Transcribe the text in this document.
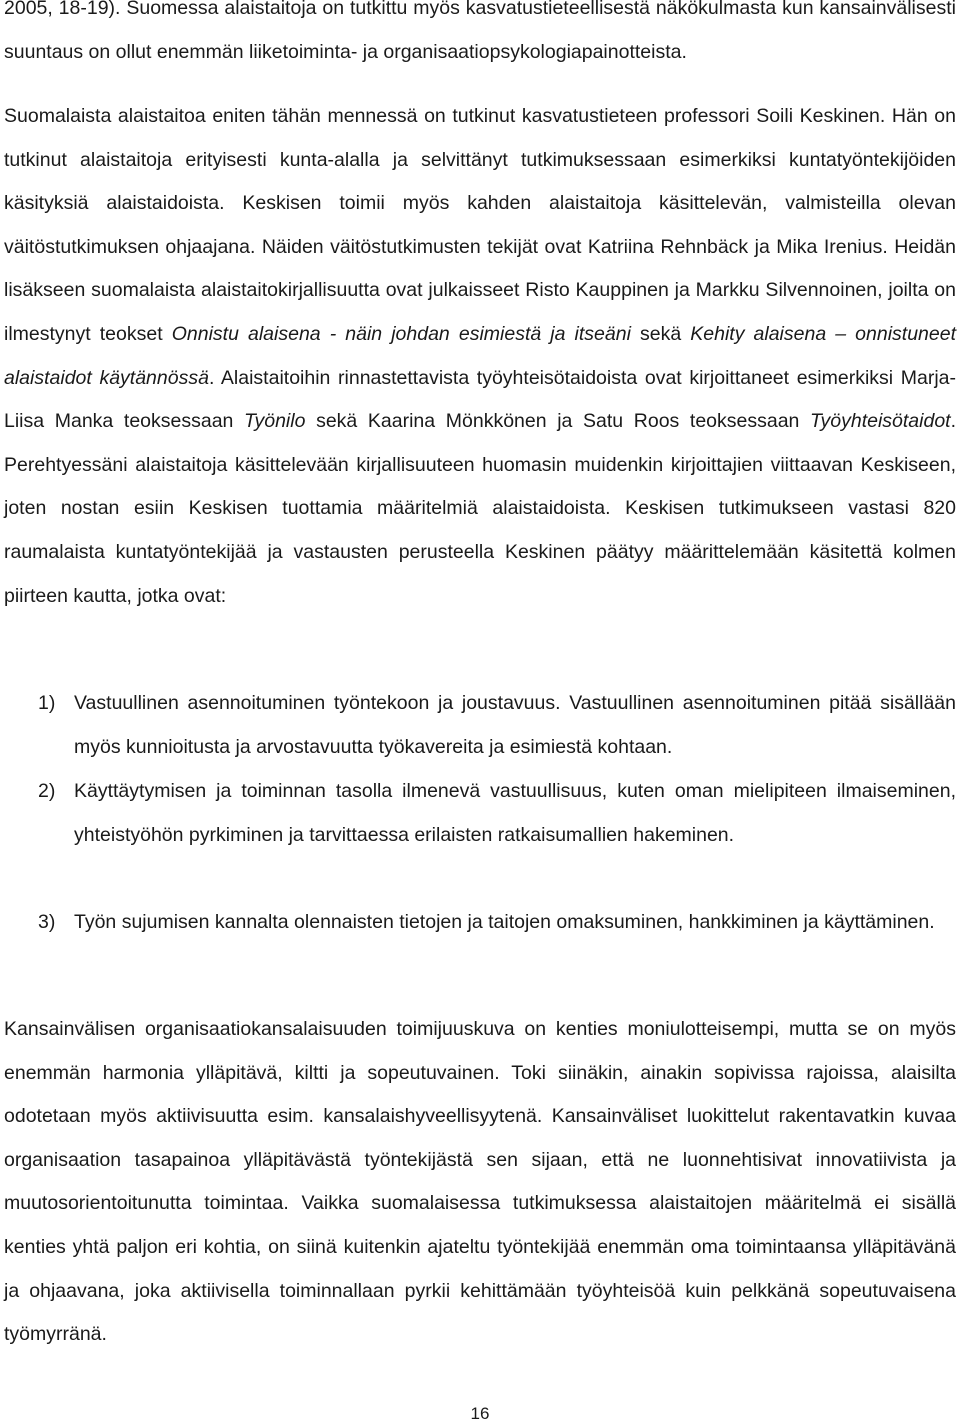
2005, 18-19). Suomessa alaistaitoja on tutkittu myös kasvatustieteellisestä näkökulmasta kun kansainvälisesti suuntaus on ollut enemmän liiketoiminta- ja organisaatiopsykologiapainotteista.

Suomalaista alaistaitoa eniten tähän mennessä on tutkinut kasvatustieteen professori Soili Keskinen. Hän on tutkinut alaistaitoja erityisesti kunta-alalla ja selvittänyt tutkimuksessaan esimerkiksi kuntatyöntekijöiden käsityksiä alaistaidoista. Keskisen toimii myös kahden alaistaitoja käsittelevän, valmisteilla olevan väitöstutkimuksen ohjaajana. Näiden väitöstutkimusten tekijät ovat Katriina Rehnbäck ja Mika Irenius. Heidän lisäkseen suomalaista alaistaitokirjallisuutta ovat julkaisseet Risto Kauppinen ja Markku Silvennoinen, joilta on ilmestynyt teokset Onnistu alaisena - näin johdan esimiestä ja itseäni sekä Kehity alaisena – onnistuneet alaistaidot käytännössä. Alaistaitoihin rinnastettavista työyhteisötaidoista ovat kirjoittaneet esimerkiksi Marja-Liisa Manka teoksessaan Työnilo sekä Kaarina Mönkkönen ja Satu Roos teoksessaan Työyhteisötaidot. Perehtyessäni alaistaitoja käsittelevään kirjallisuuteen huomasin muidenkin kirjoittajien viittaavan Keskiseen, joten nostan esiin Keskisen tuottamia määritelmiä alaistaidoista. Keskisen tutkimukseen vastasi 820 raumalaista kuntatyöntekijää ja vastausten perusteella Keskinen päätyy määrittelemään käsitettä kolmen piirteen kautta, jotka ovat:

1) Vastuullinen asennoituminen työntekoon ja joustavuus. Vastuullinen asennoituminen pitää sisällään myös kunnioitusta ja arvostavuutta työkavereita ja esimiestä kohtaan.

2) Käyttäytymisen ja toiminnan tasolla ilmenevä vastuullisuus, kuten oman mielipiteen ilmaiseminen, yhteistyöhön pyrkiminen ja tarvittaessa erilaisten ratkaisumallien hakeminen.

3) Työn sujumisen kannalta olennaisten tietojen ja taitojen omaksuminen, hankkiminen ja käyttäminen.

Kansainvälisen organisaatiokansalaisuuden toimijuuskuva on kenties moniulotteisempi, mutta se on myös enemmän harmonia ylläpitävä, kiltti ja sopeutuvainen. Toki siinäkin, ainakin sopivissa rajoissa, alaisilta odotetaan myös aktiivisuutta esim. kansalaishyveellisyytenä. Kansainväliset luokittelut rakentavatkin kuvaa organisaation tasapainoa ylläpitävästä työntekijästä sen sijaan, että ne luonnehtisivat innovatiivista ja muutosorientoitunutta toimintaa. Vaikka suomalaisessa tutkimuksessa alaistaitojen määritelmä ei sisällä kenties yhtä paljon eri kohtia, on siinä kuitenkin ajateltu työntekijää enemmän oma toimintaansa ylläpitävänä ja ohjaavana, joka aktiivisella toiminnallaan pyrkii kehittämään työyhteisöä kuin pelkkänä sopeutuvaisena työmyrränä.

16
